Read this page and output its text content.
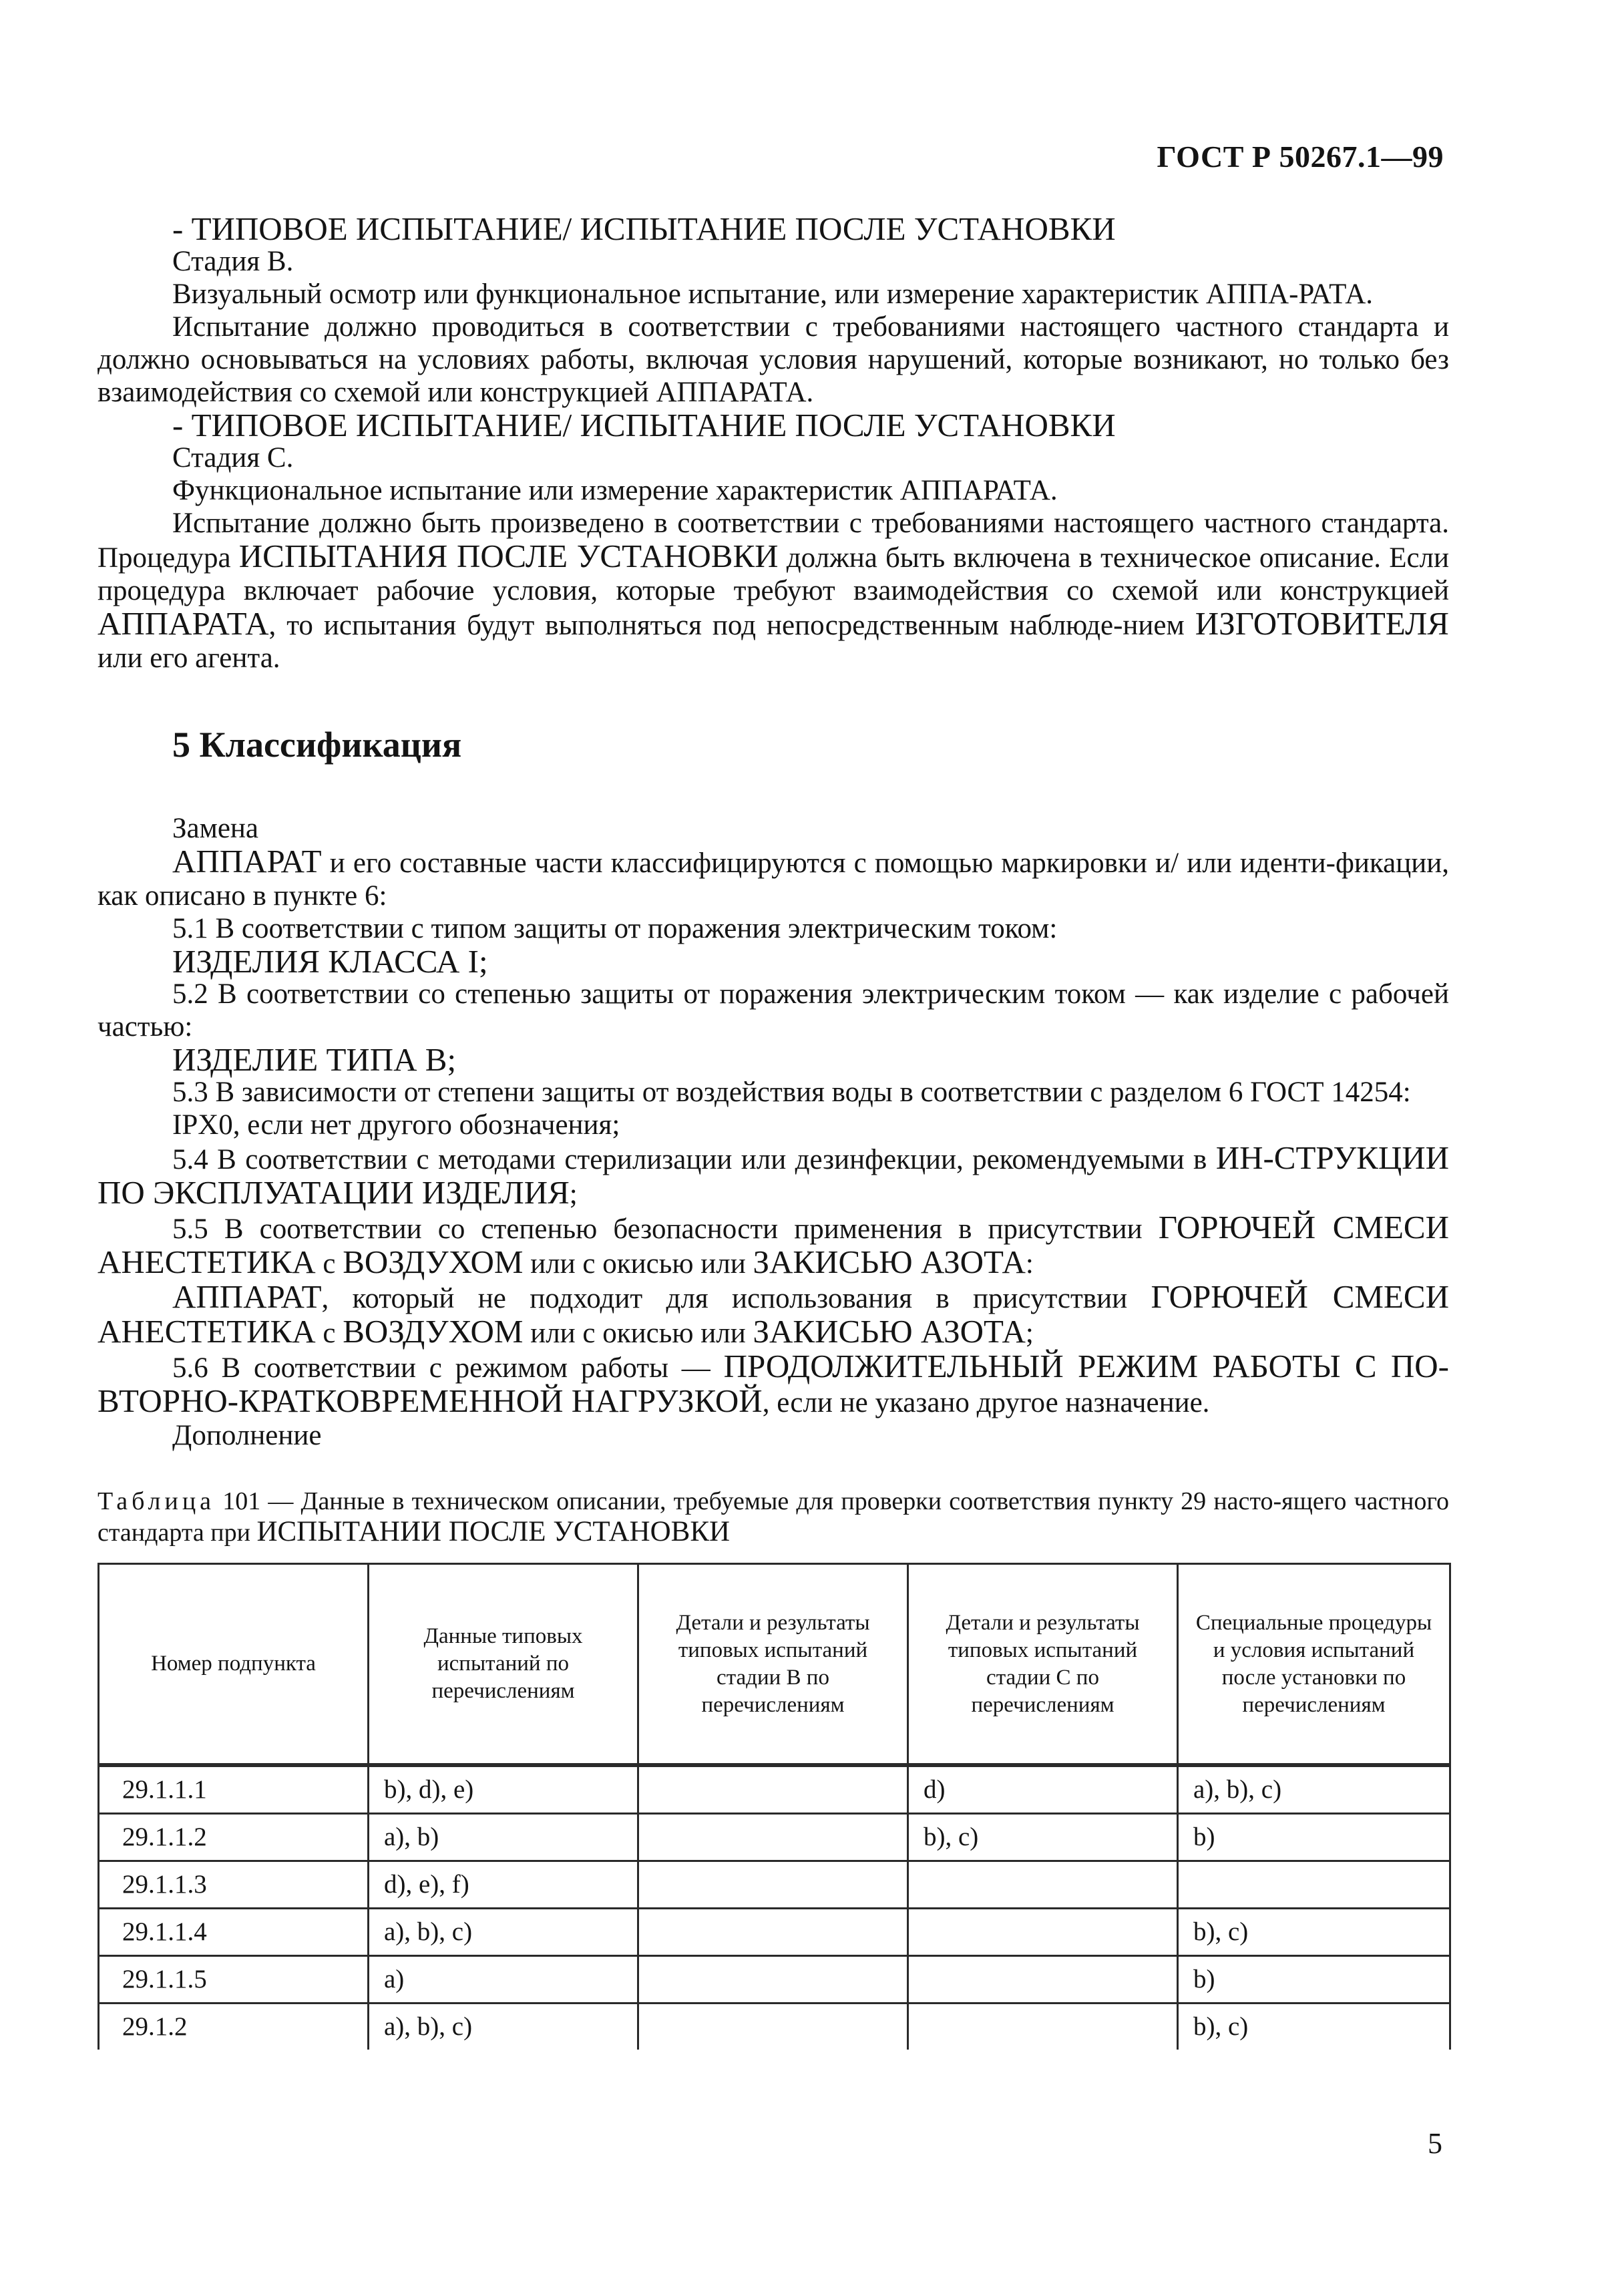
ГОСТ Р 50267.1—99

- ТИПОВОЕ ИСПЫТАНИЕ/ ИСПЫТАНИЕ ПОСЛЕ УСТАНОВКИ

Стадия В.

Визуальный осмотр или функциональное испытание, или измерение характеристик АППА-РАТА.

Испытание должно проводиться в соответствии с требованиями настоящего частного стандарта и должно основываться на условиях работы, включая условия нарушений, которые возникают, но только без взаимодействия со схемой или конструкцией АППАРАТА.

- ТИПОВОЕ ИСПЫТАНИЕ/ ИСПЫТАНИЕ ПОСЛЕ УСТАНОВКИ

Стадия С.

Функциональное испытание или измерение характеристик АППАРАТА.

Испытание должно быть произведено в соответствии с требованиями настоящего частного стандарта. Процедура ИСПЫТАНИЯ ПОСЛЕ УСТАНОВКИ должна быть включена в техническое описание. Если процедура включает рабочие условия, которые требуют взаимодействия со схемой или конструкцией АППАРАТА, то испытания будут выполняться под непосредственным наблюде-нием ИЗГОТОВИТЕЛЯ или его агента.

5 Классификация

Замена

АППАРАТ и его составные части классифицируются с помощью маркировки и/ или иденти-фикации, как описано в пункте 6:

5.1 В соответствии с типом защиты от поражения электрическим током:

ИЗДЕЛИЯ КЛАССА I;

5.2 В соответствии со степенью защиты от поражения электрическим током — как изделие с рабочей частью:

ИЗДЕЛИЕ ТИПА В;

5.3 В зависимости от степени защиты от воздействия воды в соответствии с разделом 6 ГОСТ 14254:

IPX0, если нет другого обозначения;

5.4 В соответствии с методами стерилизации или дезинфекции, рекомендуемыми в ИН-СТРУКЦИИ ПО ЭКСПЛУАТАЦИИ ИЗДЕЛИЯ;

5.5 В соответствии со степенью безопасности применения в присутствии ГОРЮЧЕЙ СМЕСИ АНЕСТЕТИКА с ВОЗДУХОМ или с окисью или ЗАКИСЬЮ АЗОТА:

АППАРАТ, который не подходит для использования в присутствии ГОРЮЧЕЙ СМЕСИ АНЕСТЕТИКА с ВОЗДУХОМ или с окисью или ЗАКИСЬЮ АЗОТА;

5.6 В соответствии с режимом работы — ПРОДОЛЖИТЕЛЬНЫЙ РЕЖИМ РАБОТЫ С ПО-ВТОРНО-КРАТКОВРЕМЕННОЙ НАГРУЗКОЙ, если не указано другое назначение.

Дополнение

Таблица 101 — Данные в техническом описании, требуемые для проверки соответствия пункту 29 насто-ящего частного стандарта при ИСПЫТАНИИ ПОСЛЕ УСТАНОВКИ

Номер подпункта	Данные типовых испытаний по перечислениям	Детали и результаты типовых испытаний стадии В по перечислениям	Детали и результаты типовых испытаний стадии С по перечислениям	Специальные процедуры и условия испытаний после установки по перечислениям
29.1.1.1	b), d), e)		d)	a), b), c)
29.1.1.2	a), b)		b), c)	b)
29.1.1.3	d), e), f)			
29.1.1.4	a), b), c)			b), c)
29.1.1.5	a)			b)
29.1.2	a), b), c)			b), c)
5
